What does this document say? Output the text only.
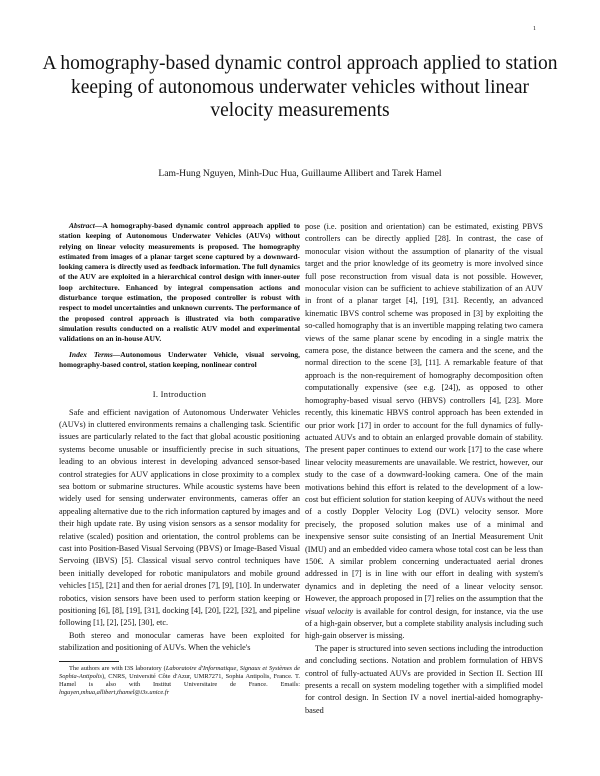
1
A homography-based dynamic control approach applied to station keeping of autonomous underwater vehicles without linear velocity measurements
Lam-Hung Nguyen, Minh-Duc Hua, Guillaume Allibert and Tarek Hamel

Abstract—A homography-based dynamic control approach applied to station keeping of Autonomous Underwater Vehicles (AUVs) without relying on linear velocity measurements is proposed. The homography estimated from images of a planar target scene captured by a downward-looking camera is directly used as feedback information. The full dynamics of the AUV are exploited in a hierarchical control design with inner-outer loop architecture. Enhanced by integral compensation actions and disturbance torque estimation, the proposed controller is robust with respect to model uncertainties and unknown currents. The performance of the proposed control approach is illustrated via both comparative simulation results conducted on a realistic AUV model and experimental validations on an in-house AUV.

Index Terms—Autonomous Underwater Vehicle, visual servoing, homography-based control, station keeping, nonlinear control

I. Introduction

Safe and efficient navigation of Autonomous Underwater Vehicles (AUVs) in cluttered environments remains a challenging task. Scientific issues are particularly related to the fact that global acoustic positioning systems become unusable or insufficiently precise in such situations, leading to an obvious interest in developing advanced sensor-based control strategies for AUV applications in close proximity to a complex sea bottom or submarine structures. While acoustic systems have been widely used for sensing underwater environments, cameras offer an appealing alternative due to the rich information captured by images and their high update rate. By using vision sensors as a sensor modality for relative (scaled) position and orientation, the control problems can be cast into Position-Based Visual Servoing (PBVS) or Image-Based Visual Servoing (IBVS) [5]. Classical visual servo control techniques have been initially developed for robotic manipulators and mobile ground vehicles [15], [21] and then for aerial drones [7], [9], [10]. In underwater robotics, vision sensors have been used to perform station keeping or positioning [6], [8], [19], [31], docking [4], [20], [22], [32], and pipeline following [1], [2], [25], [30], etc.

Both stereo and monocular cameras have been exploited for stabilization and positioning of AUVs. When the vehicle's

The authors are with I3S laboratory (Laboratoire d'Informatique, Signaux et Systèmes de Sophia-Antipolis), CNRS, Université Côte d'Azur, UMR7271, Sophia Antipolis, France. T. Hamel is also with Institut Universitaire de France. Emails: lnguyen,mhua,allibert,thamel@i3s.unice.fr

pose (i.e. position and orientation) can be estimated, existing PBVS controllers can be directly applied [28]. In contrast, the case of monocular vision without the assumption of planarity of the visual target and the prior knowledge of its geometry is more involved since full pose reconstruction from visual data is not possible. However, monocular vision can be sufficient to achieve stabilization of an AUV in front of a planar target [4], [19], [31]. Recently, an advanced kinematic IBVS control scheme was proposed in [3] by exploiting the so-called homography that is an invertible mapping relating two camera views of the same planar scene by encoding in a single matrix the camera pose, the distance between the camera and the scene, and the normal direction to the scene [3], [11]. A remarkable feature of that approach is the non-requirement of homography decomposition often computationally expensive (see e.g. [24]), as opposed to other homography-based visual servo (HBVS) controllers [4], [23]. More recently, this kinematic HBVS control approach has been extended in our prior work [17] in order to account for the full dynamics of fully-actuated AUVs and to obtain an enlarged provable domain of stability. The present paper continues to extend our work [17] to the case where linear velocity measurements are unavailable. We restrict, however, our study to the case of a downward-looking camera. One of the main motivations behind this effort is related to the development of a low-cost but efficient solution for station keeping of AUVs without the need of a costly Doppler Velocity Log (DVL) velocity sensor. More precisely, the proposed solution makes use of a minimal and inexpensive sensor suite consisting of an Inertial Measurement Unit (IMU) and an embedded video camera whose total cost can be less than 150€. A similar problem concerning underactuated aerial drones addressed in [7] is in line with our effort in dealing with system's dynamics and in depleting the need of a linear velocity sensor. However, the approach proposed in [7] relies on the assumption that the visual velocity is available for control design, for instance, via the use of a high-gain observer, but a complete stability analysis including such high-gain observer is missing.

The paper is structured into seven sections including the introduction and concluding sections. Notation and problem formulation of HBVS control of fully-actuated AUVs are provided in Section II. Section III presents a recall on system modeling together with a simplified model for control design. In Section IV a novel inertial-aided homography-based
